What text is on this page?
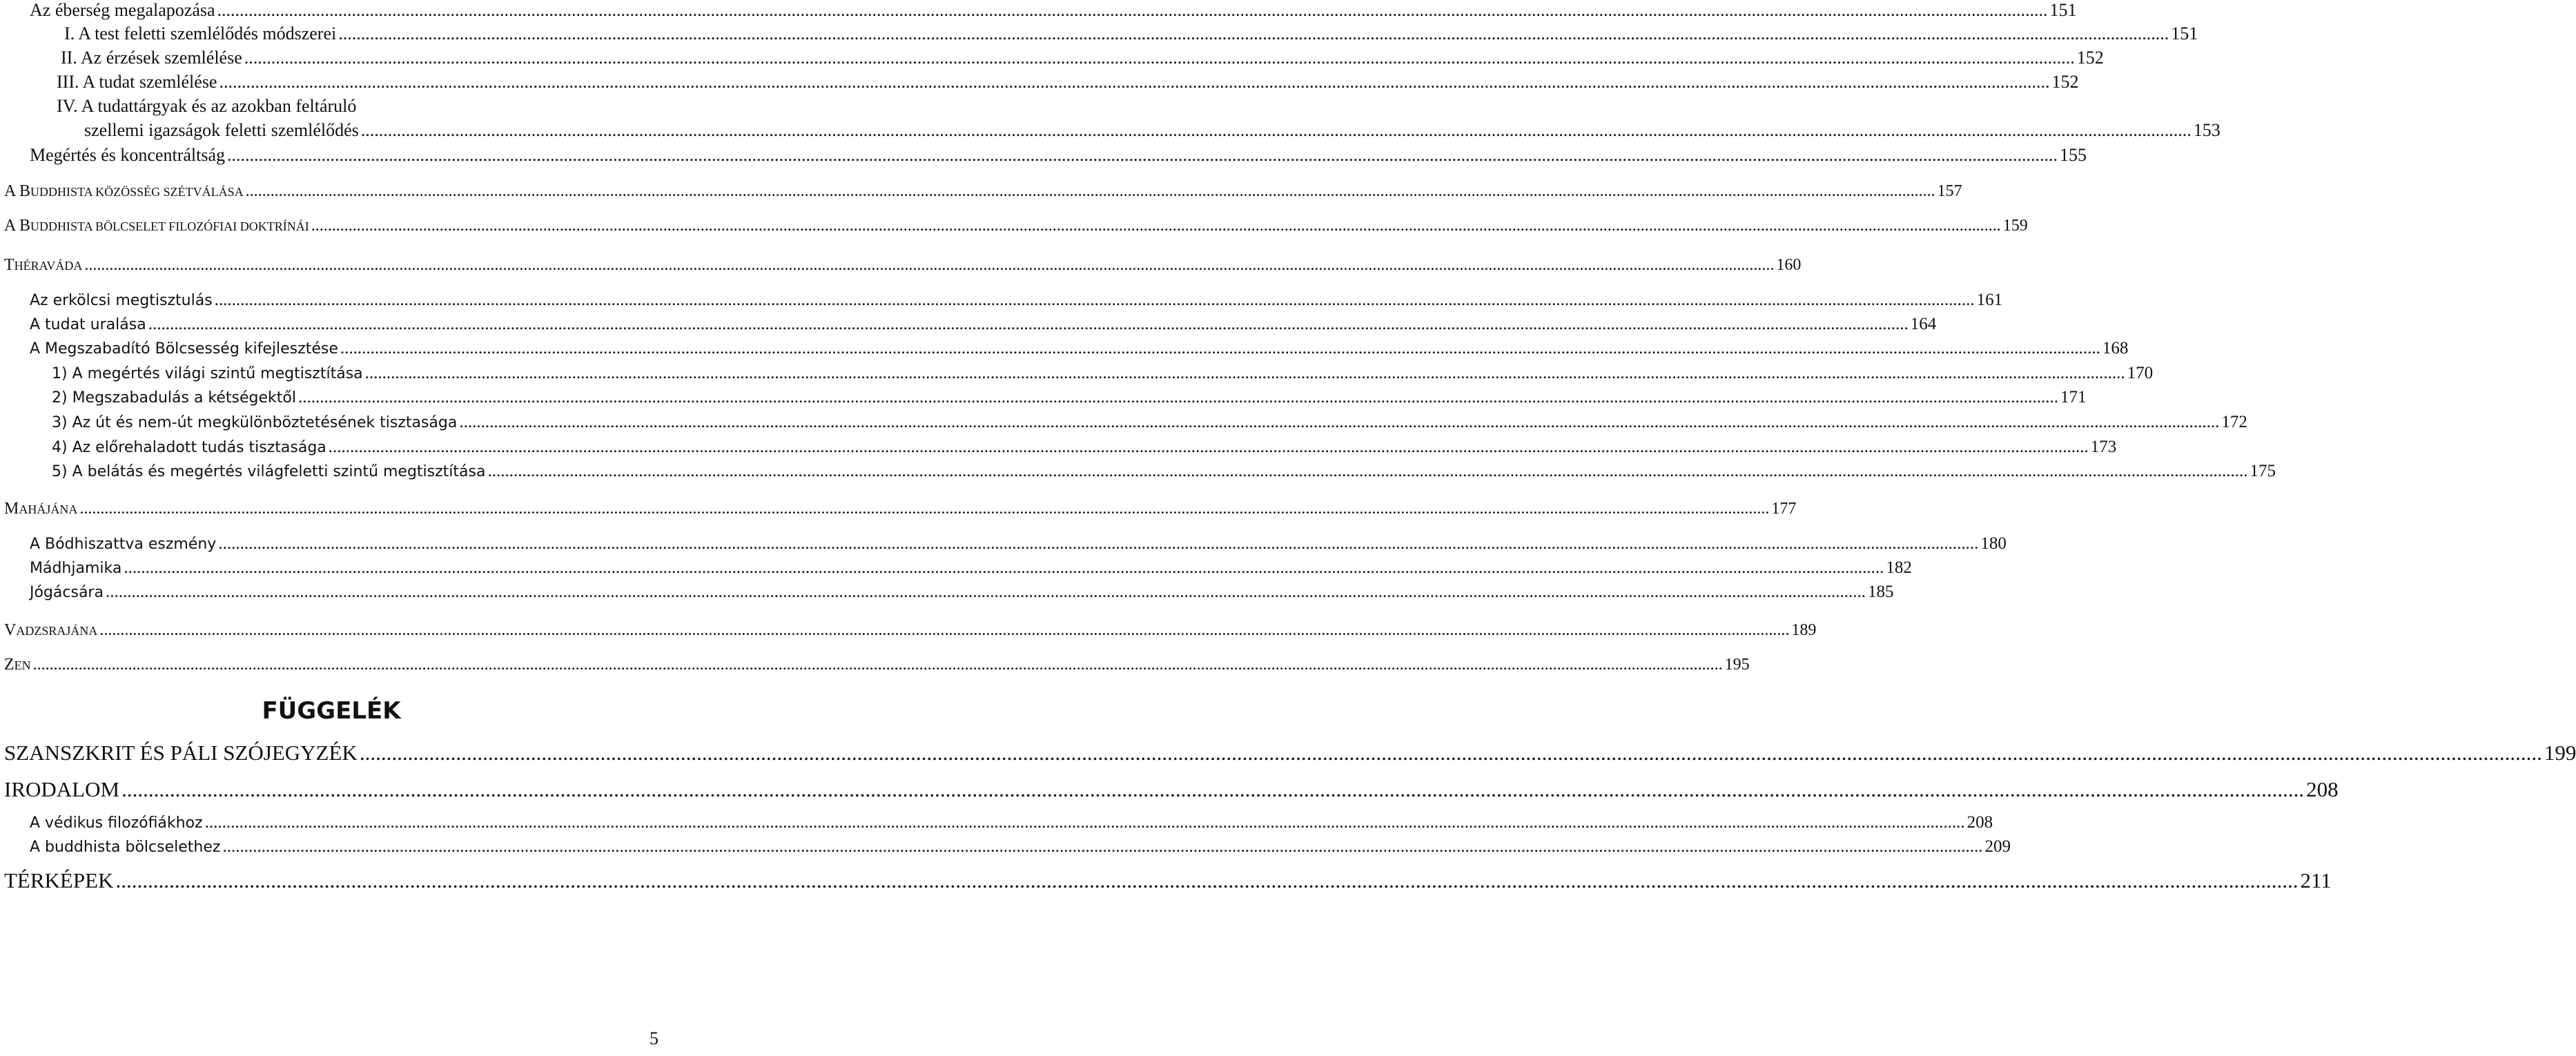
Az éberség megalapozása .....	151
I. A test feletti szemlélődés módszerei .....	151
II. Az érzések szemlélése .....	152
III. A tudat szemlélése .....	152
IV. A tudattárgyak és az azokban feltáruló
szellemi igazságok feletti szemlélődés .....	153
Megértés és koncentráltság .....	155
A BUDDHISTA KÖZÖSSÉG SZÉTVÁLÁSA .....	157
A BUDDHISTA BÖLCSELET FILOZÓFIAI DOKTRÍNÁI .....	159
THÉRAVÁDA .....	160
Az erkölcsi megtisztulás .....	161
A tudat uralása .....	164
A Megszabadító Bölcsesség kifejlesztése .....	168
1) A megértés világi szintű megtisztítása .....	170
2) Megszabadulás a kétségektől .....	171
3) Az út és nem-út megkülönböztetésének tisztasága .....	172
4) Az előrehaladott tudás tisztasága .....	173
5) A belátás és megértés világfeletti szintű megtisztítása .....	175
MAHÁJÁNA .....	177
A Bódhiszattva eszmény .....	180
Mádhjamika .....	182
Jógácsára .....	185
VADZSRAJÁNA .....	189
ZEN .....	195
FÜGGELÉK
SZANSZKRIT ÉS PÁLI SZÓJEGYZÉK .....	199
IRODALOM .....	208
A védikus filozófiákhoz .....	208
A buddhista bölcselethez .....	209
TÉRKÉPEK .....	211
5
